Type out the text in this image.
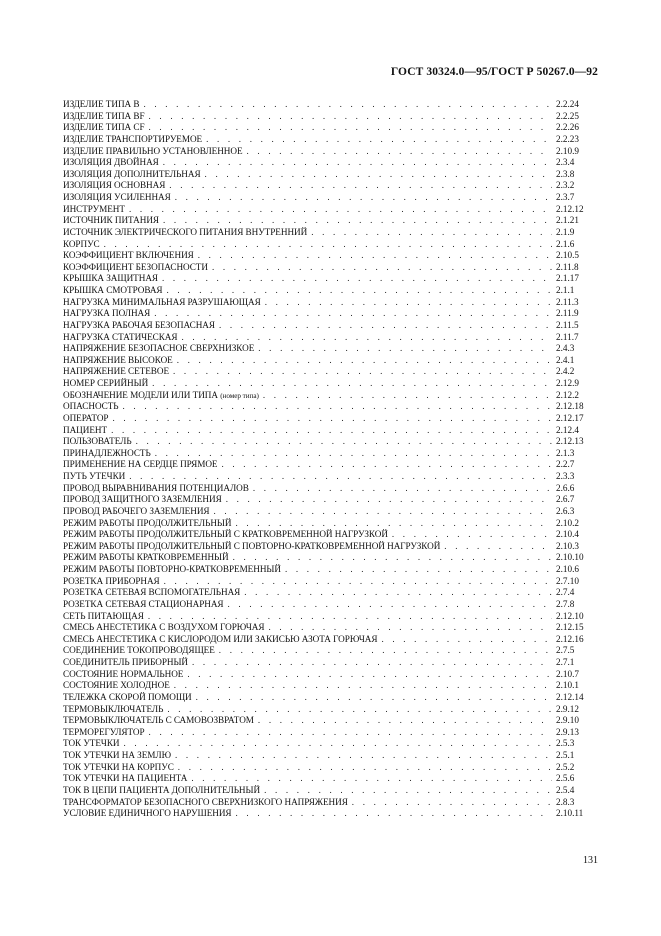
ГОСТ 30324.0—95/ГОСТ Р 50267.0—92
ИЗДЕЛИЕ ТИПА В . . .	2.2.24
ИЗДЕЛИЕ ТИПА BF . . .	2.2.25
ИЗДЕЛИЕ ТИПА CF . . .	2.2.26
ИЗДЕЛИЕ ТРАНСПОРТИРУЕМОЕ . . .	2.2.23
ИЗДЕЛИЕ ПРАВИЛЬНО УСТАНОВЛЕННОЕ . . .	2.10.9
ИЗОЛЯЦИЯ ДВОЙНАЯ . . .	2.3.4
ИЗОЛЯЦИЯ ДОПОЛНИТЕЛЬНАЯ . . .	2.3.8
ИЗОЛЯЦИЯ ОСНОВНАЯ . . .	2.3.2
ИЗОЛЯЦИЯ УСИЛЕННАЯ . . .	2.3.7
ИНСТРУМЕНТ . . .	2.12.12
ИСТОЧНИК ПИТАНИЯ . . .	2.1.21
ИСТОЧНИК ЭЛЕКТРИЧЕСКОГО ПИТАНИЯ ВНУТРЕННИЙ . . .	2.1.9
КОРПУС . . .	2.1.6
КОЭФФИЦИЕНТ ВКЛЮЧЕНИЯ . . .	2.10.5
КОЭФФИЦИЕНТ БЕЗОПАСНОСТИ . . .	2.11.8
КРЫШКА ЗАЩИТНАЯ . . .	2.1.17
КРЫШКА СМОТРОВАЯ . . .	2.1.1
НАГРУЗКА МИНИМАЛЬНАЯ РАЗРУШАЮЩАЯ . . .	2.11.3
НАГРУЗКА ПОЛНАЯ . . .	2.11.9
НАГРУЗКА РАБОЧАЯ БЕЗОПАСНАЯ . . .	2.11.5
НАГРУЗКА СТАТИЧЕСКАЯ . . .	2.11.7
НАПРЯЖЕНИЕ БЕЗОПАСНОЕ СВЕРХНИЗКОЕ . . .	2.4.3
НАПРЯЖЕНИЕ ВЫСОКОЕ . . .	2.4.1
НАПРЯЖЕНИЕ СЕТЕВОЕ . . .	2.4.2
НОМЕР СЕРИЙНЫЙ . . .	2.12.9
ОБОЗНАЧЕНИЕ МОДЕЛИ ИЛИ ТИПА (номер типа) . . .	2.12.2
ОПАСНОСТЬ . . .	2.12.18
ОПЕРАТОР . . .	2.12.17
ПАЦИЕНТ . . .	2.12.4
ПОЛЬЗОВАТЕЛЬ . . .	2.12.13
ПРИНАДЛЕЖНОСТЬ . . .	2.1.3
ПРИМЕНЕНИЕ НА СЕРДЦЕ ПРЯМОЕ . . .	2.2.7
ПУТЬ УТЕЧКИ . . .	2.3.3
ПРОВОД ВЫРАВНИВАНИЯ ПОТЕНЦИАЛОВ . . .	2.6.6
ПРОВОД ЗАЩИТНОГО ЗАЗЕМЛЕНИЯ . . .	2.6.7
ПРОВОД РАБОЧЕГО ЗАЗЕМЛЕНИЯ . . .	2.6.3
РЕЖИМ РАБОТЫ ПРОДОЛЖИТЕЛЬНЫЙ . . .	2.10.2
РЕЖИМ РАБОТЫ ПРОДОЛЖИТЕЛЬНЫЙ С КРАТКОВРЕМЕННОЙ НАГРУЗКОЙ . . .	2.10.4
РЕЖИМ РАБОТЫ ПРОДОЛЖИТЕЛЬНЫЙ С ПОВТОРНО-КРАТКОВРЕМЕННОЙ НАГРУЗКОЙ . . .	2.10.3
РЕЖИМ РАБОТЫ КРАТКОВРЕМЕННЫЙ . . .	2.10.10
РЕЖИМ РАБОТЫ ПОВТОРНО-КРАТКОВРЕМЕННЫЙ . . .	2.10.6
РОЗЕТКА ПРИБОРНАЯ . . .	2.7.10
РОЗЕТКА СЕТЕВАЯ ВСПОМОГАТЕЛЬНАЯ . . .	2.7.4
РОЗЕТКА СЕТЕВАЯ СТАЦИОНАРНАЯ . . .	2.7.8
СЕТЬ ПИТАЮЩАЯ . . .	2.12.10
СМЕСЬ АНЕСТЕТИКА С ВОЗДУХОМ ГОРЮЧАЯ . . .	2.12.15
СМЕСЬ АНЕСТЕТИКА С КИСЛОРОДОМ ИЛИ ЗАКИСЬЮ АЗОТА ГОРЮЧАЯ . . .	2.12.16
СОЕДИНЕНИЕ ТОКОПРОВОДЯЩЕЕ . . .	2.7.5
СОЕДИНИТЕЛЬ ПРИБОРНЫЙ . . .	2.7.1
СОСТОЯНИЕ НОРМАЛЬНОЕ . . .	2.10.7
СОСТОЯНИЕ ХОЛОДНОЕ . . .	2.10.1
ТЕЛЕЖКА СКОРОЙ ПОМОЩИ . . .	2.12.14
ТЕРМОВЫКЛЮЧАТЕЛЬ . . .	2.9.12
ТЕРМОВЫКЛЮЧАТЕЛЬ С САМОВОЗВРАТОМ . . .	2.9.10
ТЕРМОРЕГУЛЯТОР . . .	2.9.13
ТОК УТЕЧКИ . . .	2.5.3
ТОК УТЕЧКИ НА ЗЕМЛЮ . . .	2.5.1
ТОК УТЕЧКИ НА КОРПУС . . .	2.5.2
ТОК УТЕЧКИ НА ПАЦИЕНТА . . .	2.5.6
ТОК В ЦЕПИ ПАЦИЕНТА ДОПОЛНИТЕЛЬНЫЙ . . .	2.5.4
ТРАНСФОРМАТОР БЕЗОПАСНОГО СВЕРХНИЗКОГО НАПРЯЖЕНИЯ . . .	2.8.3
УСЛОВИЕ ЕДИНИЧНОГО НАРУШЕНИЯ . . .	2.10.11
131
